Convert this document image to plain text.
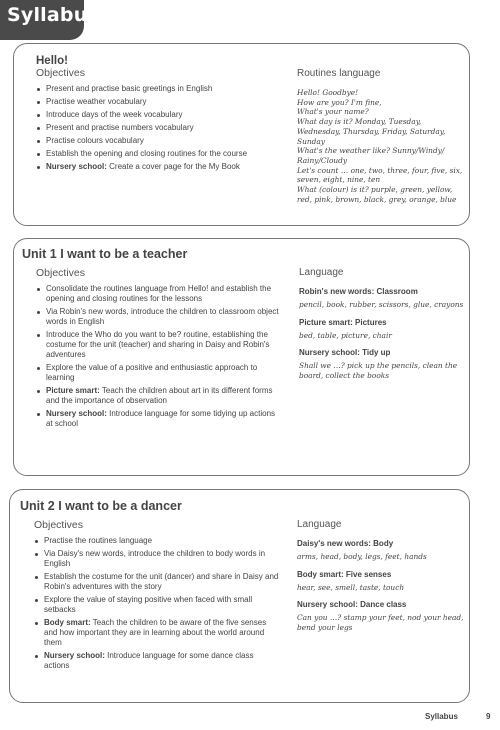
Syllabus
Hello!
Objectives
Present and practise basic greetings in English
Practise weather vocabulary
Introduce days of the week vocabulary
Present and practise numbers vocabulary
Practise colours vocabulary
Establish the opening and closing routines for the course
Nursery school: Create a cover page for the My Book
Routines language
Hello! Goodbye!
How are you? I'm fine,
What's your name?
What day is it? Monday, Tuesday, Wednesday, Thursday, Friday, Saturday, Sunday
What's the weather like? Sunny/Windy/ Rainy/Cloudy
Let's count … one, two, three, four, five, six, seven, eight, nine, ten
What (colour) is it? purple, green, yellow, red, pink, brown, black, grey, orange, blue
Unit 1 I want to be a teacher
Objectives
Consolidate the routines language from Hello! and establish the opening and closing routines for the lessons
Via Robin's new words, introduce the children to classroom object words in English
Introduce the Who do you want to be? routine, establishing the costume for the unit (teacher) and sharing in Daisy and Robin's adventures
Explore the value of a positive and enthusiastic approach to learning
Picture smart: Teach the children about art in its different forms and the importance of observation
Nursery school: Introduce language for some tidying up actions at school
Language
Robin's new words: Classroom
pencil, book, rubber, scissors, glue, crayons
Picture smart: Pictures
bed, table, picture, chair
Nursery school: Tidy up
Shall we …? pick up the pencils, clean the board, collect the books
Unit 2 I want to be a dancer
Objectives
Practise the routines language
Via Daisy's new words, introduce the children to body words in English
Establish the costume for the unit (dancer) and share in Daisy and Robin's adventures with the story
Explore the value of staying positive when faced with small setbacks
Body smart: Teach the children to be aware of the five senses and how important they are in learning about the world around them
Nursery school: Introduce language for some dance class actions
Language
Daisy's new words: Body
arms, head, body, legs, feet, hands
Body smart: Five senses
hear, see, smell, taste, touch
Nursery school: Dance class
Can you …? stamp your feet, nod your head, bend your legs
Syllabus	9
